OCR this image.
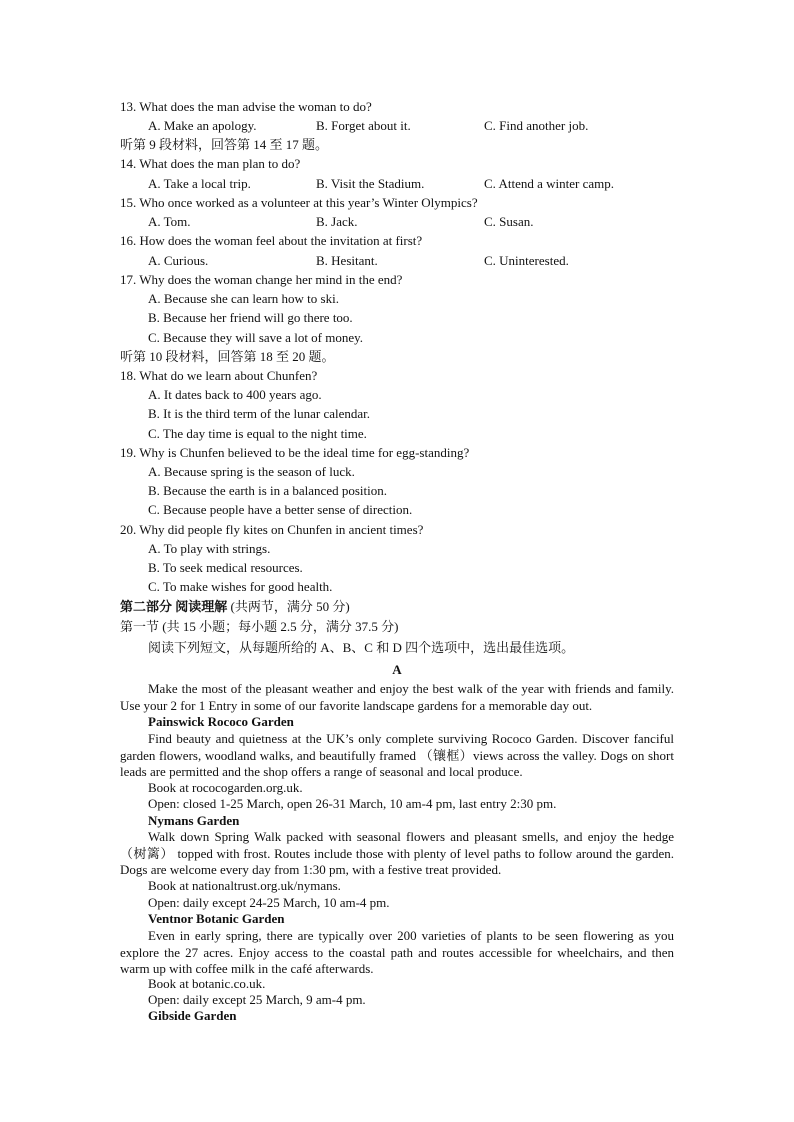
13. What does the man advise the woman to do?
A. Make an apology.	B. Forget about it.	C. Find another job.
听第 9 段材料，回答第 14 至 17 题。
14. What does the man plan to do?
A. Take a local trip.	B. Visit the Stadium.	C. Attend a winter camp.
15. Who once worked as a volunteer at this year’s Winter Olympics?
A. Tom.	B. Jack.	C. Susan.
16. How does the woman feel about the invitation at first?
A. Curious.	B. Hesitant.	C. Uninterested.
17. Why does the woman change her mind in the end?
A. Because she can learn how to ski.
B. Because her friend will go there too.
C. Because they will save a lot of money.
听第 10 段材料，回答第 18 至 20 题。
18. What do we learn about Chunfen?
A. It dates back to 400 years ago.
B. It is the third term of the lunar calendar.
C. The day time is equal to the night time.
19. Why is Chunfen believed to be the ideal time for egg-standing?
A. Because spring is the season of luck.
B. Because the earth is in a balanced position.
C. Because people have a better sense of direction.
20. Why did people fly kites on Chunfen in ancient times?
A. To play with strings.
B. To seek medical resources.
C. To make wishes for good health.
第二部分 阅读理解 (共两节，满分 50 分)
第一节 (共 15 小题；每小题 2.5 分，满分 37.5 分)
阅读下列短文，从每题所给的 A、B、C 和 D 四个选项中，选出最佳选项。
A
Make the most of the pleasant weather and enjoy the best walk of the year with friends and family. Use your 2 for 1 Entry in some of our favorite landscape gardens for a memorable day out.
Painswick Rococo Garden
Find beauty and quietness at the UK’s only complete surviving Rococo Garden. Discover fanciful garden flowers, woodland walks, and beautifully framed （镶框）views across the valley. Dogs on short leads are permitted and the shop offers a range of seasonal and local produce.
Book at rococogarden.org.uk.
Open: closed 1-25 March, open 26-31 March, 10 am-4 pm, last entry 2:30 pm.
Nymans Garden
Walk down Spring Walk packed with seasonal flowers and pleasant smells, and enjoy the hedge （树篱） topped with frost. Routes include those with plenty of level paths to follow around the garden. Dogs are welcome every day from 1:30 pm, with a festive treat provided.
Book at nationaltrust.org.uk/nymans.
Open: daily except 24-25 March, 10 am-4 pm.
Ventnor Botanic Garden
Even in early spring, there are typically over 200 varieties of plants to be seen flowering as you explore the 27 acres. Enjoy access to the coastal path and routes accessible for wheelchairs, and then warm up with coffee milk in the café afterwards.
Book at botanic.co.uk.
Open: daily except 25 March, 9 am-4 pm.
Gibside Garden
